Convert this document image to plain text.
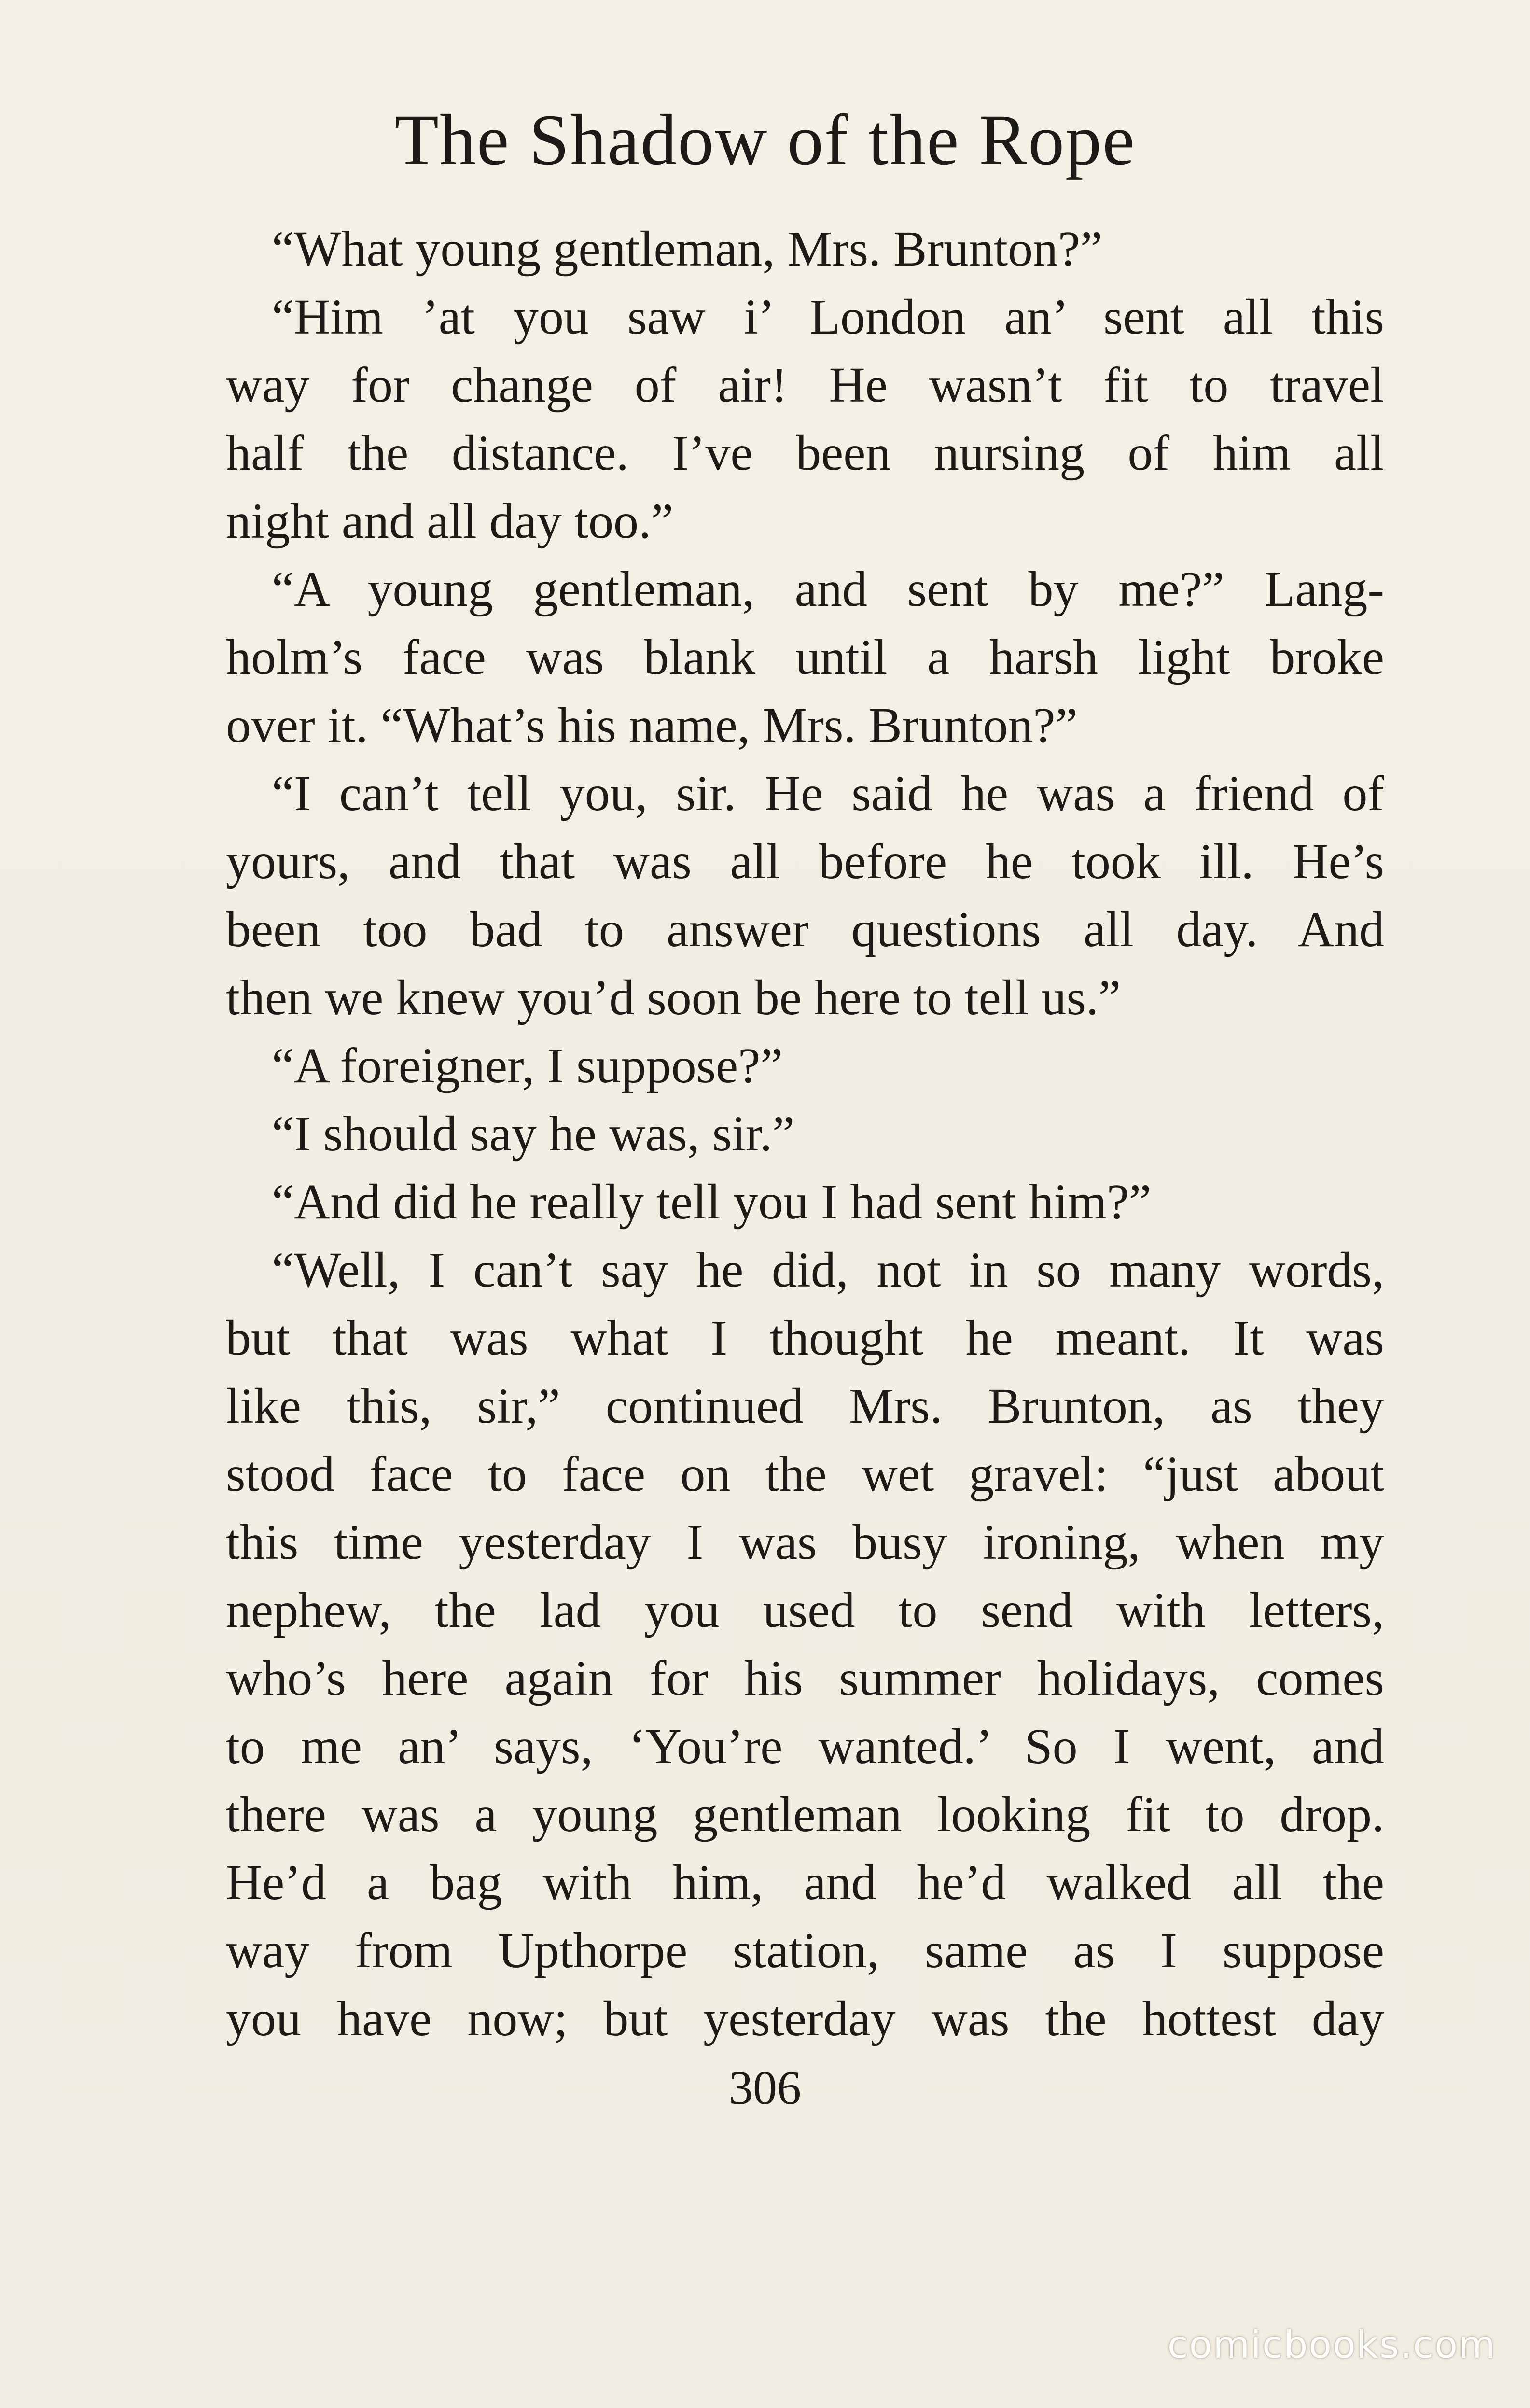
The Shadow of the Rope
“What young gentleman, Mrs. Brunton?”
“Him ’at you saw i’ London an’ sent all this
way for change of air! He wasn’t fit to travel
half the distance. I’ve been nursing of him all
night and all day too.”
“A young gentleman, and sent by me?” Lang-
holm’s face was blank until a harsh light broke
over it. “What’s his name, Mrs. Brunton?”
“I can’t tell you, sir. He said he was a friend of
yours, and that was all before he took ill. He’s
been too bad to answer questions all day. And
then we knew you’d soon be here to tell us.”
“A foreigner, I suppose?”
“I should say he was, sir.”
“And did he really tell you I had sent him?”
“Well, I can’t say he did, not in so many words,
but that was what I thought he meant. It was
like this, sir,” continued Mrs. Brunton, as they
stood face to face on the wet gravel: “just about
this time yesterday I was busy ironing, when my
nephew, the lad you used to send with letters,
who’s here again for his summer holidays, comes
to me an’ says, ‘You’re wanted.’ So I went, and
there was a young gentleman looking fit to drop.
He’d a bag with him, and he’d walked all the
way from Upthorpe station, same as I suppose
you have now; but yesterday was the hottest day
306
comicbooks.com
